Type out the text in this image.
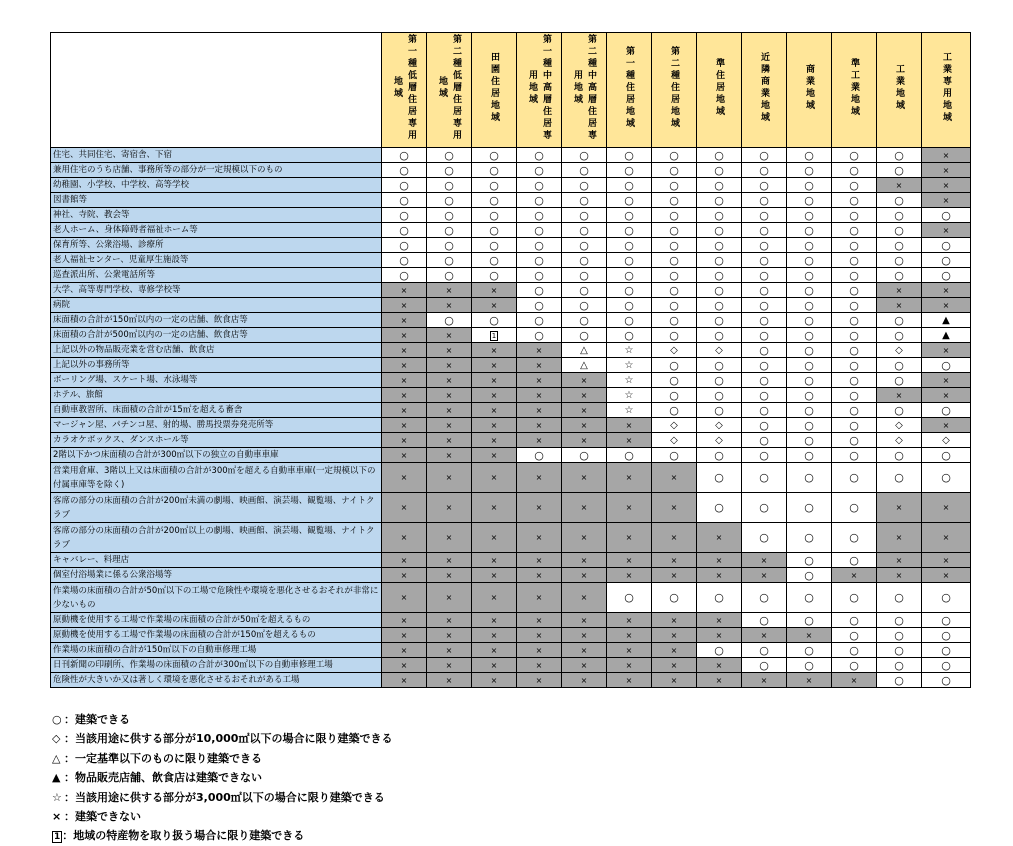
	第一種低層住居専用地域	第二種低層住居専用地域	田園住居地域	第一種中高層住居専用地域	第二種中高層住居専用地域	第一種住居地域	第二種住居地域	準住居地域	近隣商業地域	商業地域	準工業地域	工業地域	工業専用地域
住宅、共同住宅、寄宿舎、下宿	○	○	○	○	○	○	○	○	○	○	○	○	×
兼用住宅のうち店舗、事務所等の部分が一定規模以下のもの	○	○	○	○	○	○	○	○	○	○	○	○	×
幼稚園、小学校、中学校、高等学校	○	○	○	○	○	○	○	○	○	○	○	×	×
図書館等	○	○	○	○	○	○	○	○	○	○	○	○	×
神社、寺院、教会等	○	○	○	○	○	○	○	○	○	○	○	○	○
老人ホーム、身体障碍者福祉ホーム等	○	○	○	○	○	○	○	○	○	○	○	○	×
保育所等、公衆浴場、診療所	○	○	○	○	○	○	○	○	○	○	○	○	○
老人福祉センター、児童厚生施設等	○	○	○	○	○	○	○	○	○	○	○	○	○
巡査派出所、公衆電話所等	○	○	○	○	○	○	○	○	○	○	○	○	○
大学、高等専門学校、専修学校等	×	×	×	○	○	○	○	○	○	○	○	×	×
病院	×	×	×	○	○	○	○	○	○	○	○	×	×
床面積の合計が150㎡以内の一定の店舗、飲食店等	×	○	○	○	○	○	○	○	○	○	○	○	▲
床面積の合計が500㎡以内の一定の店舗、飲食店等	×	×	1	○	○	○	○	○	○	○	○	○	▲
上記以外の物品販売業を営む店舗、飲食店	×	×	×	×	△	☆	◇	◇	○	○	○	◇	×
上記以外の事務所等	×	×	×	×	△	☆	○	○	○	○	○	○	○
ボーリング場、スケート場、水泳場等	×	×	×	×	×	☆	○	○	○	○	○	○	×
ホテル、旅館	×	×	×	×	×	☆	○	○	○	○	○	×	×
自動車教習所、床面積の合計が15㎡を超える畜舎	×	×	×	×	×	☆	○	○	○	○	○	○	○
マージャン屋、パチンコ屋、射的場、勝馬投票券発売所等	×	×	×	×	×	×	◇	◇	○	○	○	◇	×
カラオケボックス、ダンスホール等	×	×	×	×	×	×	◇	◇	○	○	○	◇	◇
2階以下かつ床面積の合計が300㎡以下の独立の自動車車庫	×	×	×	○	○	○	○	○	○	○	○	○	○
営業用倉庫、3階以上又は床面積の合計が300㎡を超える自動車車庫(一定規模以下の付属車庫等を除く)	×	×	×	×	×	×	×	○	○	○	○	○	○
客席の部分の床面積の合計が200㎡未満の劇場、映画館、演芸場、観覧場、ナイトクラブ	×	×	×	×	×	×	×	○	○	○	○	×	×
客席の部分の床面積の合計が200㎡以上の劇場、映画館、演芸場、観覧場、ナイトクラブ	×	×	×	×	×	×	×	×	○	○	○	×	×
キャバレー、料理店	×	×	×	×	×	×	×	×	×	○	○	×	×
個室付浴場業に係る公衆浴場等	×	×	×	×	×	×	×	×	×	○	×	×	×
作業場の床面積の合計が50㎡以下の工場で危険性や環境を悪化させるおそれが非常に少ないもの	×	×	×	×	×	○	○	○	○	○	○	○	○
原動機を使用する工場で作業場の床面積の合計が50㎡を超えるもの	×	×	×	×	×	×	×	×	○	○	○	○	○
原動機を使用する工場で作業場の床面積の合計が150㎡を超えるもの	×	×	×	×	×	×	×	×	×	×	○	○	○
作業場の床面積の合計が150㎡以下の自動車修理工場	×	×	×	×	×	×	×	○	○	○	○	○	○
日刊新聞の印刷所、作業場の床面積の合計が300㎡以下の自動車修理工場	×	×	×	×	×	×	×	×	○	○	○	○	○
危険性が大きいか又は著しく環境を悪化させるおそれがある工場	×	×	×	×	×	×	×	×	×	×	×	○	○
○ ：建築できる
◇ ：当該用途に供する部分が10,000㎡以下の場合に限り建築できる
△ ：一定基準以下のものに限り建築できる
▲ ：物品販売店舗、飲食店は建築できない
☆ ：当該用途に供する部分が3,000㎡以下の場合に限り建築できる
× ：建築できない
1 ：地域の特産物を取り扱う場合に限り建築できる
